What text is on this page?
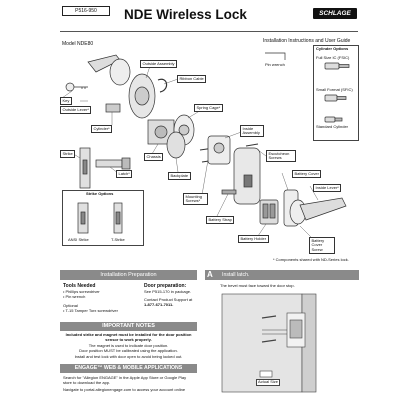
P516-950	NDE Wireless Lock	SCHLAGE
Model NDE80	Installation Instructions and User Guide
Pin wrench
Cylinder Options
Full Size IC (FSIC)
Small Format (SFIC)
Standard Cylinder
Key
Outside Lever*
Cylinder*
Outside Assembly
Ribbon Cable
Spring Cage*
Inside Assembly
Escutcheon Screws
Strike
Latch*
Chassis
Backplate
Mounting Screws*
Battery Strap
Battery Holder
Battery Cover
Inside Lever*
Battery Cover Screw
Strike Options
ANSI Strike	T-Strike
* Components shared with ND-Series lock.
Installation Preparation
Tools Needed
• Phillips screwdriver
• Pin wrench
Optional
• T-15 Tamper Torx screwdriver
Door preparation:
See P515-170 in package.
Contact Product Support at
1-877-671-7011.
IMPORTANT NOTES
Included strike and magnet must be installed for the door position sensor to work properly.
The magnet is used to indicate door position.
Door position MUST be calibrated using the application.
Install and test lock with door open to avoid being locked out.
ENGAGE™ WEB & MOBILE APPLICATIONS
Search for "Allegion ENGAGE" in the Apple App Store or Google Play store to download the app.
Navigate to portal.allegionengage.com to access your account online
A	Install latch.
The bevel must face toward the door stop.
Actual Size
